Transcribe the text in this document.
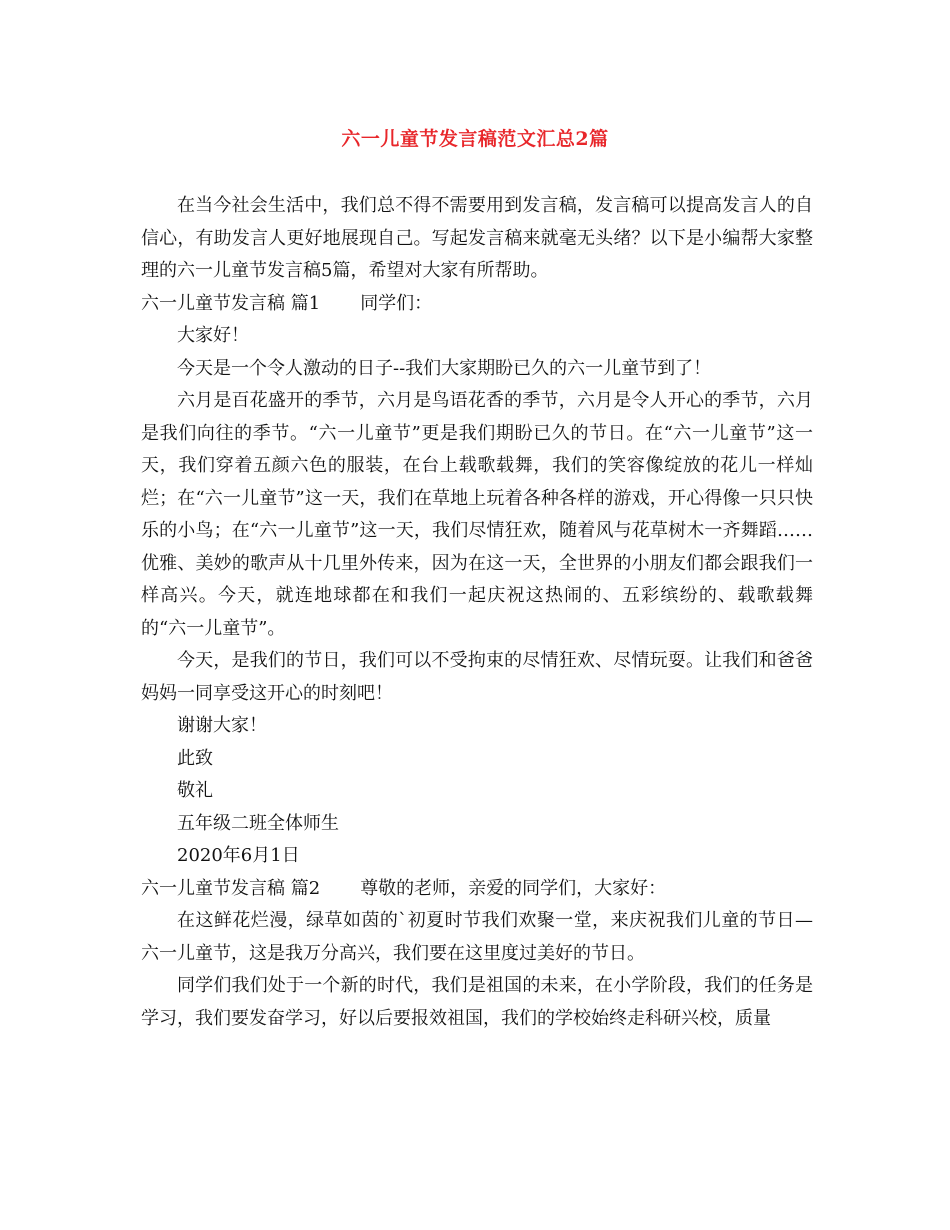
六一儿童节发言稿范文汇总2篇

在当今社会生活中，我们总不得不需要用到发言稿，发言稿可以提高发言人的自信心，有助发言人更好地展现自己。写起发言稿来就毫无头绪？以下是小编帮大家整理的六一儿童节发言稿5篇，希望对大家有所帮助。

六一儿童节发言稿 篇1 同学们：

大家好！

今天是一个令人激动的日子--我们大家期盼已久的六一儿童节到了！

六月是百花盛开的季节，六月是鸟语花香的季节，六月是令人开心的季节，六月是我们向往的季节。“六一儿童节”更是我们期盼已久的节日。在“六一儿童节”这一天，我们穿着五颜六色的服装，在台上载歌载舞，我们的笑容像绽放的花儿一样灿烂；在“六一儿童节”这一天，我们在草地上玩着各种各样的游戏，开心得像一只只快乐的小鸟；在“六一儿童节”这一天，我们尽情狂欢，随着风与花草树木一齐舞蹈……优雅、美妙的歌声从十几里外传来，因为在这一天，全世界的小朋友们都会跟我们一样高兴。今天，就连地球都在和我们一起庆祝这热闹的、五彩缤纷的、载歌载舞的“六一儿童节”。

今天，是我们的节日，我们可以不受拘束的尽情狂欢、尽情玩耍。让我们和爸爸妈妈一同享受这开心的时刻吧！

谢谢大家！

此致

敬礼

五年级二班全体师生

2020年6月1日

六一儿童节发言稿 篇2 尊敬的老师，亲爱的同学们，大家好：

在这鲜花烂漫，绿草如茵的`初夏时节我们欢聚一堂，来庆祝我们儿童的节日—六一儿童节，这是我万分高兴，我们要在这里度过美好的节日。

同学们我们处于一个新的时代，我们是祖国的未来，在小学阶段，我们的任务是学习，我们要发奋学习，好以后要报效祖国，我们的学校始终走科研兴校，质量
